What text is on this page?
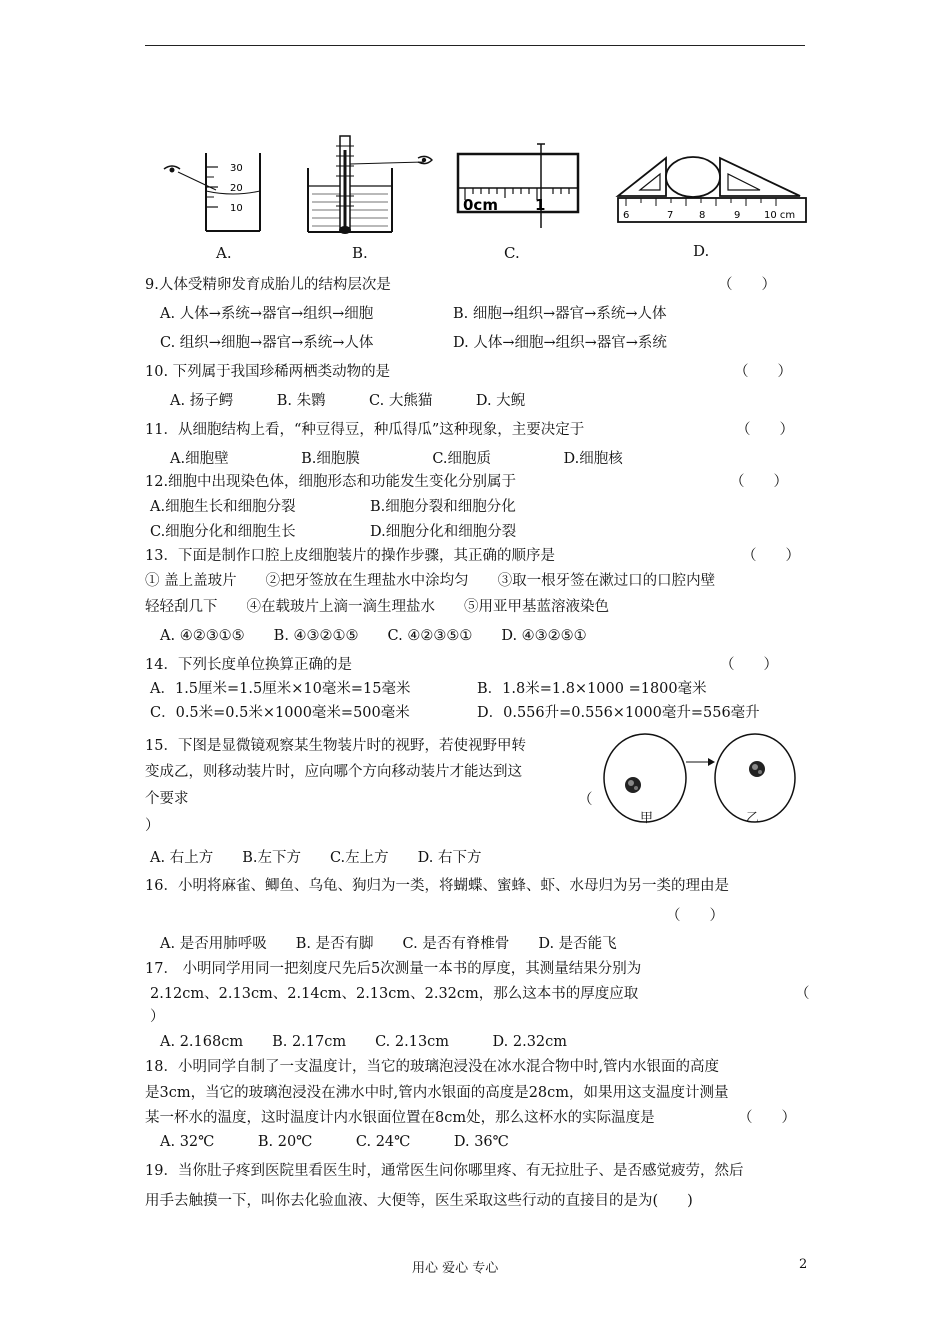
30
20
10	0cm 1
6	7	8	9 10 cm
A.	B.	C.	D.
9.人体受精卵发育成胎儿的结构层次是	（　　）
A. 人体→系统→器官→组织→细胞	B. 细胞→组织→器官→系统→人体
C. 组织→细胞→器官→系统→人体	D. 人体→细胞→组织→器官→系统
10. 下列属于我国珍稀两栖类动物的是	（　　）
A. 扬子鳄　　　B. 朱鹮　　　C. 大熊猫　　　D. 大鲵
11．从细胞结构上看，“种豆得豆，种瓜得瓜”这种现象，主要决定于	（　　）
A.细胞壁　　　　　B.细胞膜　　　　　C.细胞质　　　　　D.细胞核
12.细胞中出现染色体，细胞形态和功能发生变化分别属于	（　　）
A.细胞生长和细胞分裂	B.细胞分裂和细胞分化
C.细胞分化和细胞生长	D.细胞分化和细胞分裂
13．下面是制作口腔上皮细胞装片的操作步骤，其正确的顺序是	（　　）
① 盖上盖玻片　　②把牙签放在生理盐水中涂均匀　　③取一根牙签在漱过口的口腔内壁
轻轻刮几下　　④在载玻片上滴一滴生理盐水　　⑤用亚甲基蓝溶液染色
A. ④②③①⑤　　B. ④③②①⑤　　C. ④②③⑤①　　D. ④③②⑤①
14．下列长度单位换算正确的是	（　　）
A．1.5厘米=1.5厘米×10毫米=15毫米	B．1.8米=1.8×1000 =1800毫米
C．0.5米=0.5米×1000毫米=500毫米	D．0.556升=0.556×1000毫升=556毫升
15．下图是显微镜观察某生物装片时的视野，若使视野甲转
变成乙，则移动装片时，应向哪个方向移动装片才能达到这
个要求	（
）	甲	乙
A. 右上方　　B.左下方　　C.左上方　　D. 右下方
16．小明将麻雀、鲫鱼、乌龟、狗归为一类，将蝴蝶、蜜蜂、虾、水母归为另一类的理由是
（　　）
A. 是否用肺呼吸　　B. 是否有脚　　C. 是否有脊椎骨　　D. 是否能飞
17． 小明同学用同一把刻度尺先后5次测量一本书的厚度，其测量结果分别为
2.12cm、2.13cm、2.14cm、2.13cm、2.32cm，那么这本书的厚度应取	（
）
A. 2.168cm　　B. 2.17cm　　C. 2.13cm　　　D. 2.32cm
18．小明同学自制了一支温度计，当它的玻璃泡浸没在冰水混合物中时,管内水银面的高度
是3cm，当它的玻璃泡浸没在沸水中时,管内水银面的高度是28cm，如果用这支温度计测量
某一杯水的温度，这时温度计内水银面位置在8cm处，那么这杯水的实际温度是	（　　）
A. 32℃　　　B. 20℃　　　C. 24℃　　　D. 36℃
19．当你肚子疼到医院里看医生时，通常医生问你哪里疼、有无拉肚子、是否感觉疲劳，然后
用手去触摸一下，叫你去化验血液、大便等，医生采取这些行动的直接目的是为(　　)
用心 爱心 专心	2
